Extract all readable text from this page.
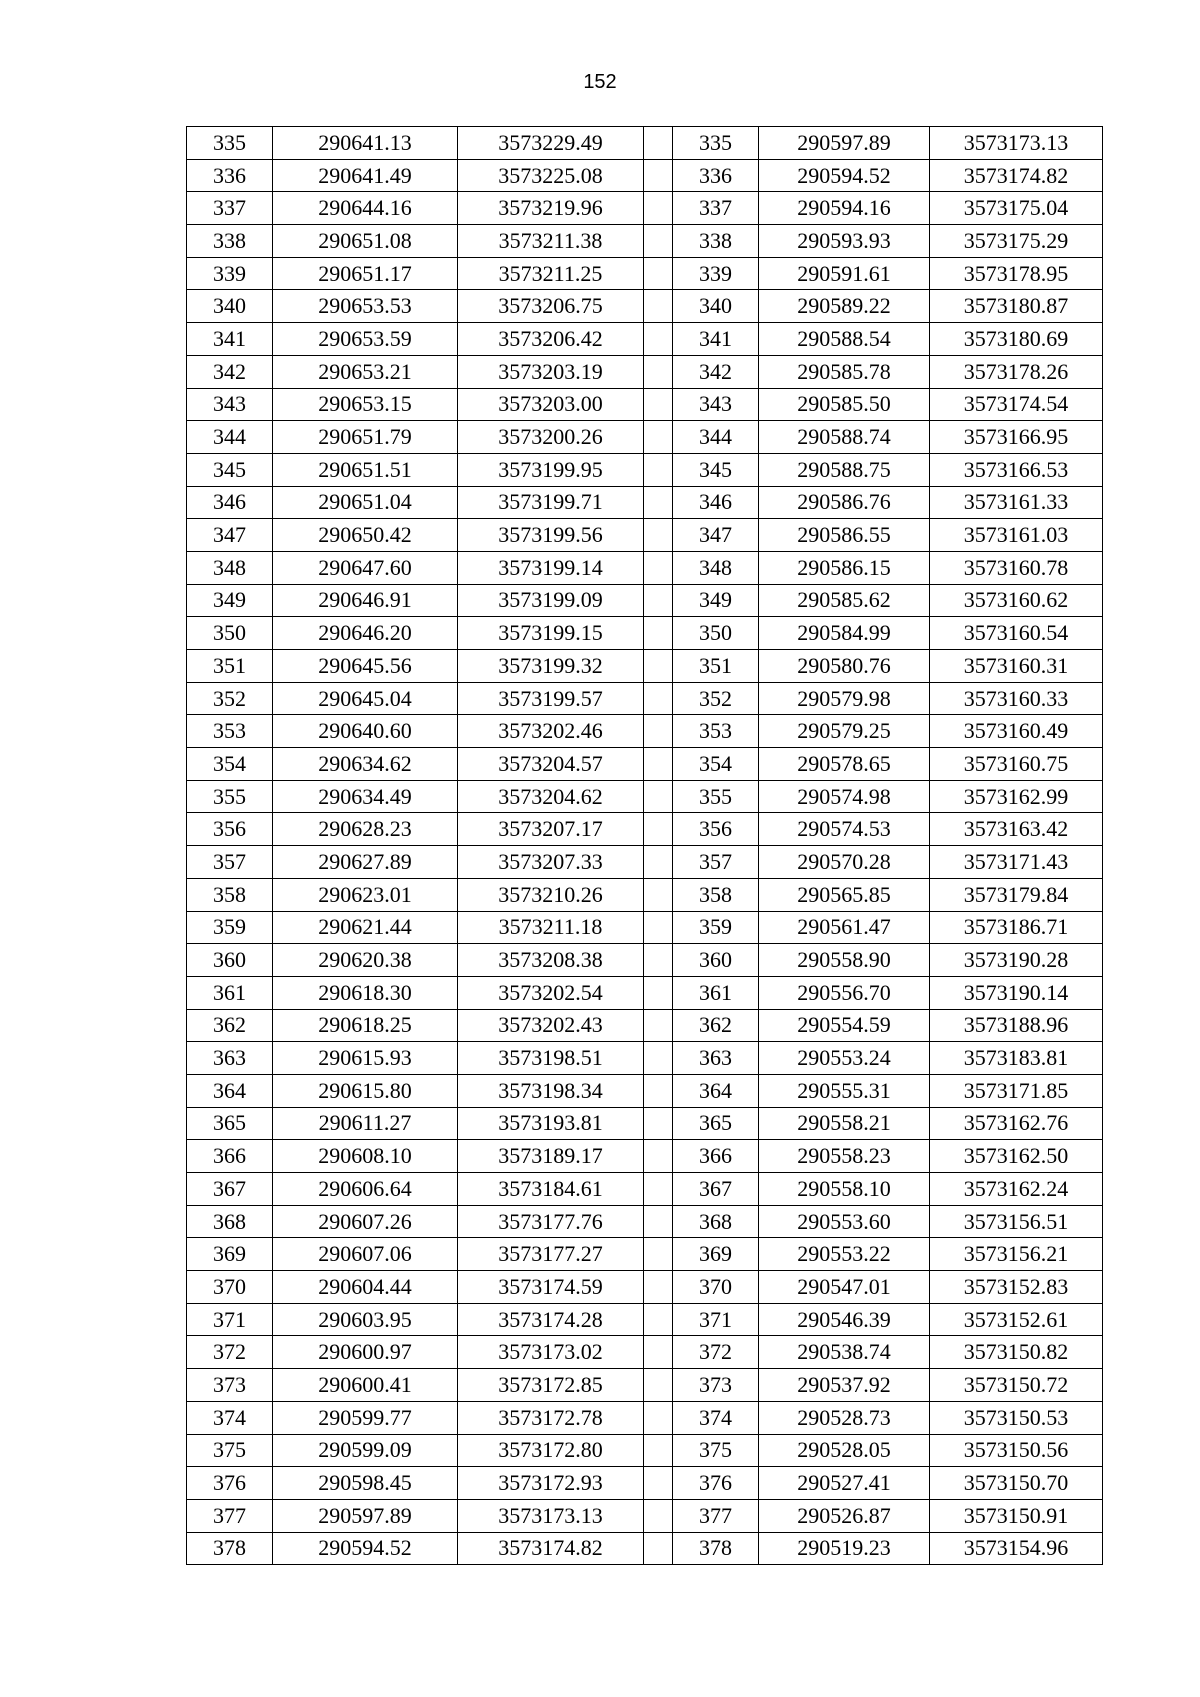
152
335	290641.13	3573229.49		335	290597.89	3573173.13
336	290641.49	3573225.08		336	290594.52	3573174.82
337	290644.16	3573219.96		337	290594.16	3573175.04
338	290651.08	3573211.38		338	290593.93	3573175.29
339	290651.17	3573211.25		339	290591.61	3573178.95
340	290653.53	3573206.75		340	290589.22	3573180.87
341	290653.59	3573206.42		341	290588.54	3573180.69
342	290653.21	3573203.19		342	290585.78	3573178.26
343	290653.15	3573203.00		343	290585.50	3573174.54
344	290651.79	3573200.26		344	290588.74	3573166.95
345	290651.51	3573199.95		345	290588.75	3573166.53
346	290651.04	3573199.71		346	290586.76	3573161.33
347	290650.42	3573199.56		347	290586.55	3573161.03
348	290647.60	3573199.14		348	290586.15	3573160.78
349	290646.91	3573199.09		349	290585.62	3573160.62
350	290646.20	3573199.15		350	290584.99	3573160.54
351	290645.56	3573199.32		351	290580.76	3573160.31
352	290645.04	3573199.57		352	290579.98	3573160.33
353	290640.60	3573202.46		353	290579.25	3573160.49
354	290634.62	3573204.57		354	290578.65	3573160.75
355	290634.49	3573204.62		355	290574.98	3573162.99
356	290628.23	3573207.17		356	290574.53	3573163.42
357	290627.89	3573207.33		357	290570.28	3573171.43
358	290623.01	3573210.26		358	290565.85	3573179.84
359	290621.44	3573211.18		359	290561.47	3573186.71
360	290620.38	3573208.38		360	290558.90	3573190.28
361	290618.30	3573202.54		361	290556.70	3573190.14
362	290618.25	3573202.43		362	290554.59	3573188.96
363	290615.93	3573198.51		363	290553.24	3573183.81
364	290615.80	3573198.34		364	290555.31	3573171.85
365	290611.27	3573193.81		365	290558.21	3573162.76
366	290608.10	3573189.17		366	290558.23	3573162.50
367	290606.64	3573184.61		367	290558.10	3573162.24
368	290607.26	3573177.76		368	290553.60	3573156.51
369	290607.06	3573177.27		369	290553.22	3573156.21
370	290604.44	3573174.59		370	290547.01	3573152.83
371	290603.95	3573174.28		371	290546.39	3573152.61
372	290600.97	3573173.02		372	290538.74	3573150.82
373	290600.41	3573172.85		373	290537.92	3573150.72
374	290599.77	3573172.78		374	290528.73	3573150.53
375	290599.09	3573172.80		375	290528.05	3573150.56
376	290598.45	3573172.93		376	290527.41	3573150.70
377	290597.89	3573173.13		377	290526.87	3573150.91
378	290594.52	3573174.82		378	290519.23	3573154.96
